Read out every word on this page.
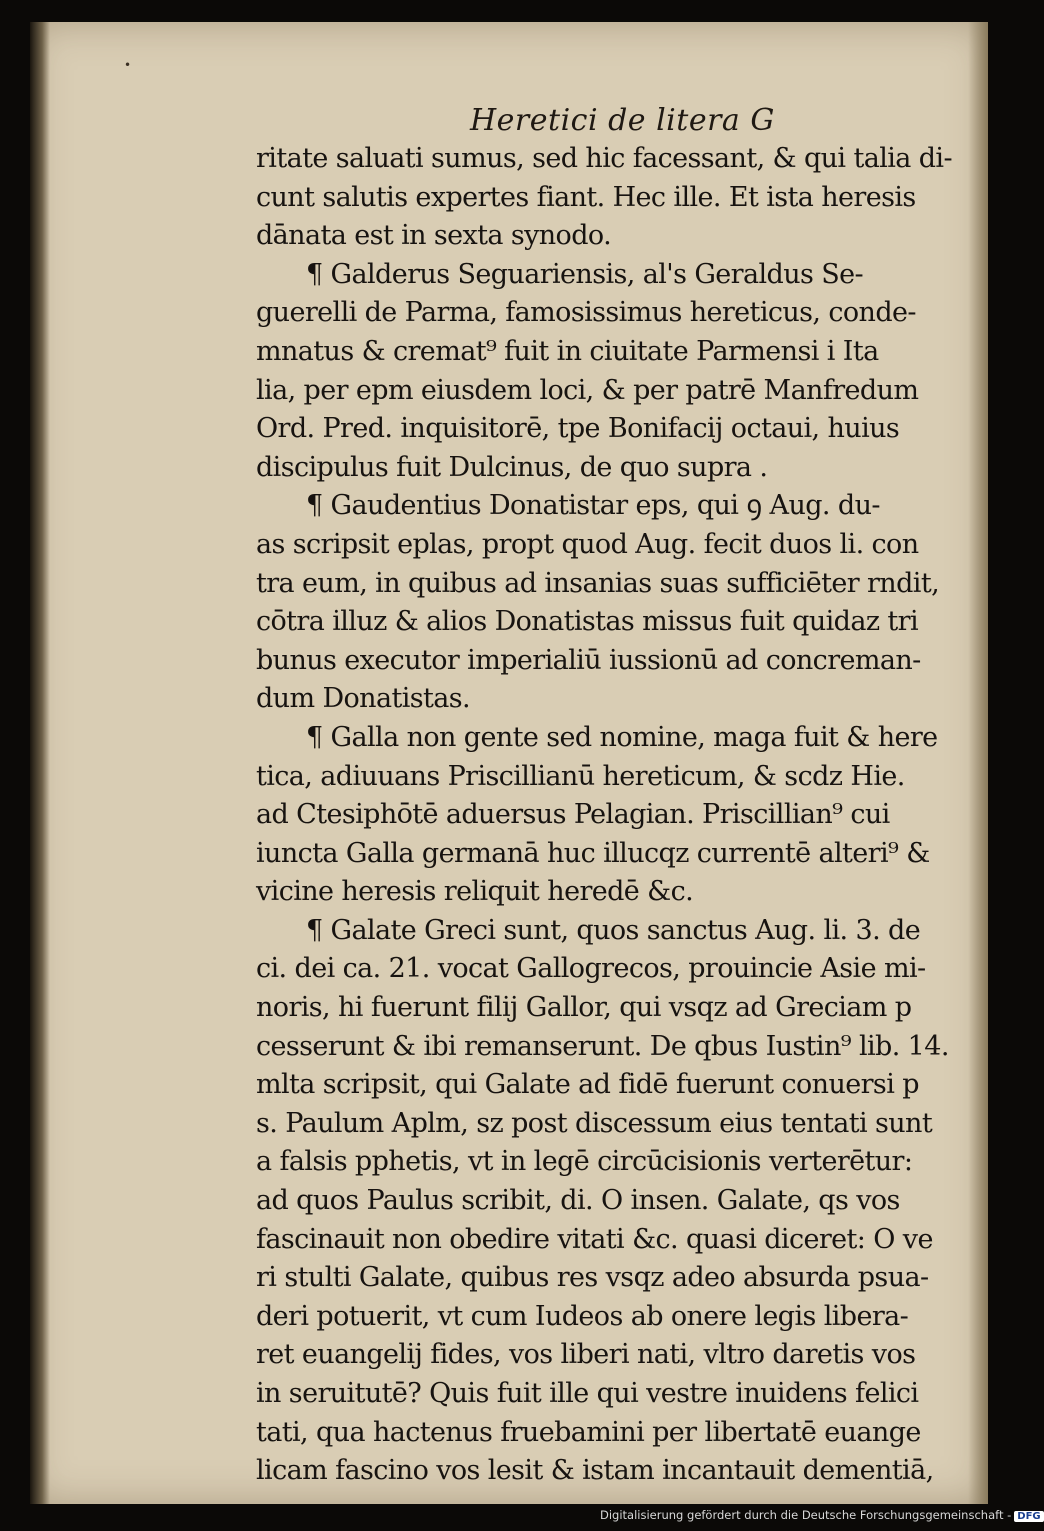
•
Heretici de litera G
ritate saluati sumus, sed hic facessant, & qui talia di-
cunt salutis expertes fiant. Hec ille. Et ista heresis
dānata est in sexta synodo.
¶ Galderus Seguariensis, al's Geraldus Se-
guerelli de Parma, famosissimus hereticus, conde-
mnatus & cremat⁹ fuit in ciuitate Parmensi i Ita
lia, per epm eiusdem loci, & per patrē Manfredum
Ord. Pred. inquisitorē, tpe Bonifacij octaui, huius
discipulus fuit Dulcinus, de quo supra .
¶ Gaudentius Donatistar eps, qui ꝯ Aug. du-
as scripsit eplas, propt quod Aug. fecit duos li. con
tra eum, in quibus ad insanias suas sufficiēter rndit,
cōtra illuz & alios Donatistas missus fuit quidaz tri
bunus executor imperialiū iussionū ad concreman-
dum Donatistas.
¶ Galla non gente sed nomine, maga fuit & here
tica, adiuuans Priscillianū hereticum, & scdz Hie.
ad Ctesiphōtē aduersus Pelagian. Priscillian⁹ cui
iuncta Galla germanā huc illucqz currentē alteri⁹ &
vicine heresis reliquit heredē &c.
¶ Galate Greci sunt, quos sanctus Aug. li. 3. de
ci. dei ca. 21. vocat Gallogrecos, prouincie Asie mi-
noris, hi fuerunt filij Gallor, qui vsqz ad Greciam p
cesserunt & ibi remanserunt. De qbus Iustin⁹ lib. 14.
mlta scripsit, qui Galate ad fidē fuerunt conuersi p
s. Paulum Aplm, sz post discessum eius tentati sunt
a falsis pphetis, vt in legē circūcisionis verterētur:
ad quos Paulus scribit, di. O insen. Galate, qs vos
fascinauit non obedire vitati &c. quasi diceret: O ve
ri stulti Galate, quibus res vsqz adeo absurda psua-
deri potuerit, vt cum Iudeos ab onere legis libera-
ret euangelij fides, vos liberi nati, vltro daretis vos
in seruitutē? Quis fuit ille qui vestre inuidens felici
tati, qua hactenus fruebamini per libertatē euange
licam fascino vos lesit & istam incantauit dementiā,
Digitalisierung gefördert durch die Deutsche Forschungsgemeinschaft - DFG
